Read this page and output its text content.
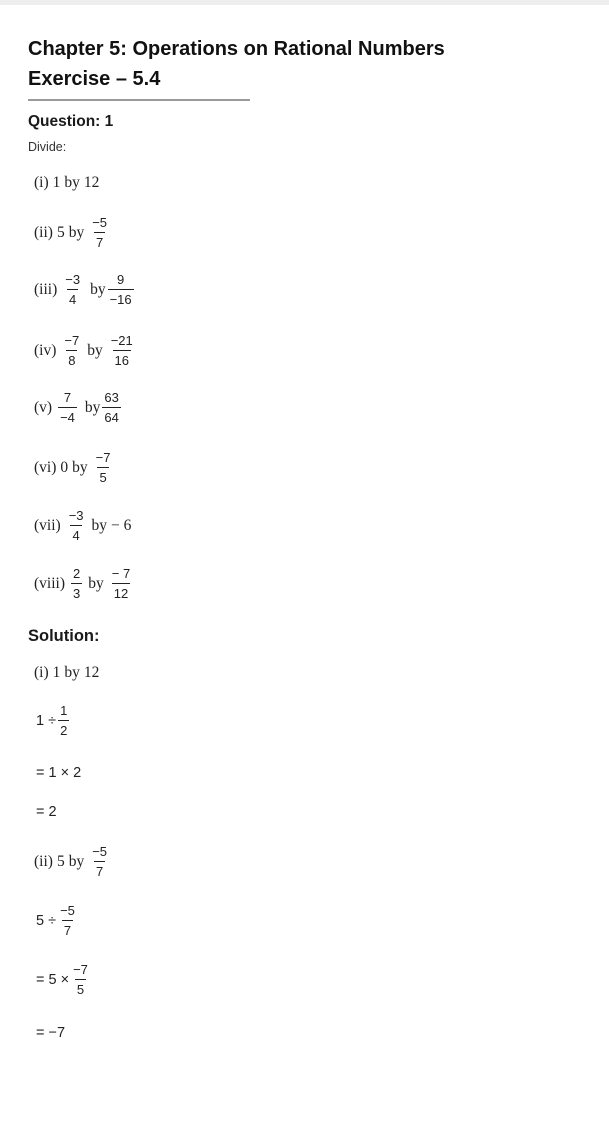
Chapter 5: Operations on Rational Numbers
Exercise – 5.4
Question: 1
Divide:
(i) 1 by 12
(ii) 5 by $\frac{-5}{7}$
$(iii) \frac{-3}{4}$ by $\frac{9}{-16}$
$(iv) \frac{-7}{8}$ by $\frac{-21}{16}$
$(v) \frac{7}{-4}$ by $\frac{63}{64}$
(vi) 0 by $\frac{-7}{5}$
$(vii) \frac{-3}{4}$ by − 6
(viii) $\frac{2}{3}$ by $\frac{- 7}{12}$
Solution:
(i) 1 by 12
$1 \div \frac{1}{2}$
= 1 × 2
= 2
(ii) 5 by $\frac{-5}{7}$
$5 \div \frac{-5}{7}$
= $5 \times \frac{-7}{5}$
= −7
